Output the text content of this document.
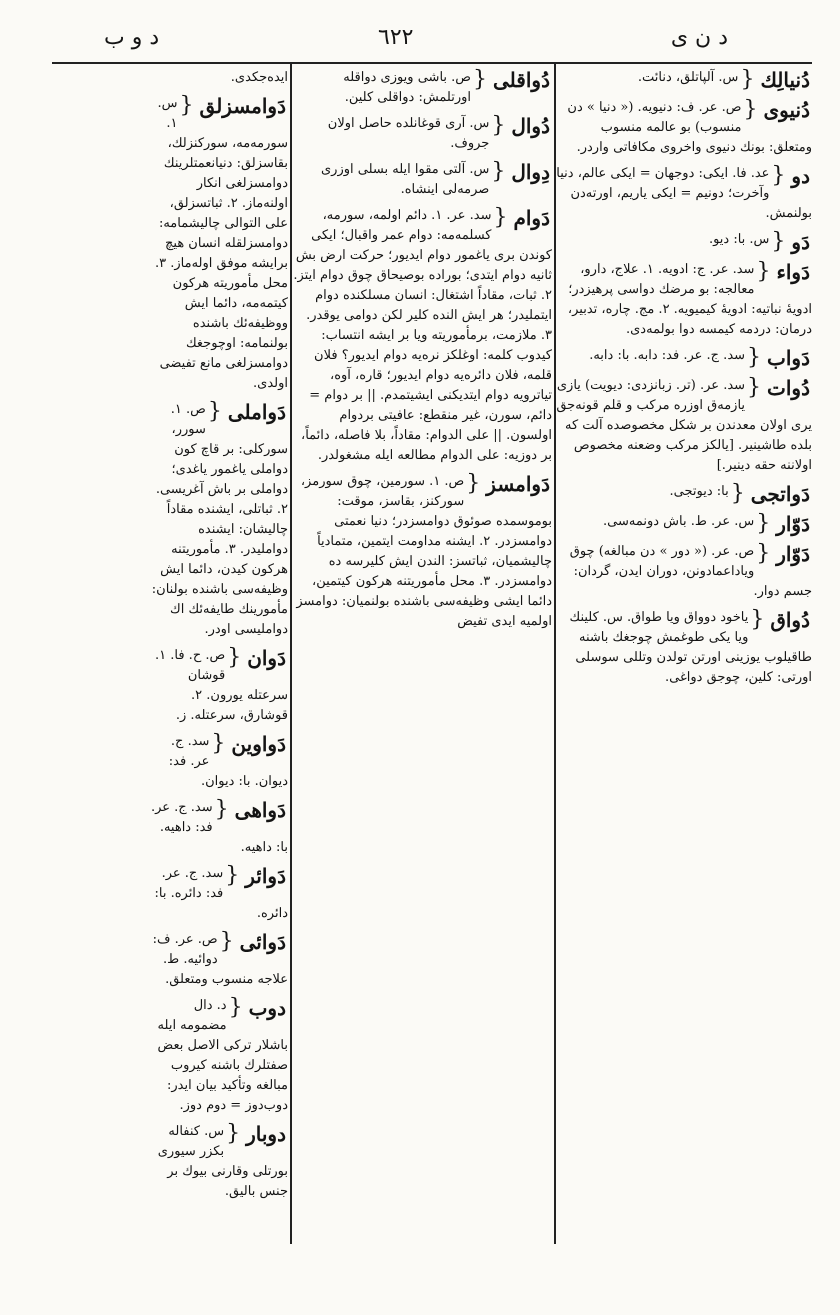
د و ب	٦٢٢	د ن ی
دُنیالِك
{
س. آلپاتلق، دنائت.
دُنیوی
{
ص. عر. ف: دنیویه. (« دنیا » دن منسوب) بو عالمه منسوب ومتعلق: بونك دنیوی واخروی مكافاتی واردر.
دو
{
عد. فا. ایكی: دوجهان = ایكی عالم، دنیا وآخرت؛ دونیم = ایكی یاریم، اورته‌دن بولنمش.
دَو
{
س. با: دیو.
دَواء
{
سد. عر. ج: ادویه. ١. علاج، دارو، معالجه: بو مرضك دواسی پرهیزدر؛ ادویهٔ نباتیه: ادویهٔ كیمیویه. ٢. مج. چاره، تدبیر، درمان: دردمه كیمسه دوا بولمه‌دی.
دَواب
{
سد. ج. عر. فد: دابه. با: دابه.
دُوات
{
سد. عر. (تر. زبانزدی: دیویت) یازی یازمه‌ق اوزره مركب و قلم قونه‌جق یری اولان معدندن بر شكل مخصوصده آلت كه بلده طاشینیر. [یالكز مركب وضعنه مخصوص اولاننه حقه دینیر.]
دَواتجی
{
با: دیوتجی.
دَوّار
{
س. عر. ط. باش دونمه‌سی.
دَوّار
{
ص. عر. (« دور » دن مبالغه) چوق ویاداعمادونن، دوران ایدن، گردان: جسم دوار.
دُواق
{
یاخود دوواق ویا طواق. س. كلینك ویا یكی طوغمش چوجغك باشنه طاقیلوب یوزینی اورتن تولدن وتللی سوسلی اورتی: كلین، چوجق دواغی.
دُواقلی
{
ص. باشی ویوزی دواقله اورتلمش: دواقلی كلین.
دُوال
{
س. آری قوغانلده حاصل اولان جروف.
دِوال
{
س. آلتی مقوا ایله بسلی اوزری صرمه‌لی اینشاه.
دَوام
{
سد. عر. ١. دائم اولمه، سورمه، كسلمه‌مه: دوام عمر واقبال؛ ایكی كوندن بری یاغمور دوام ایدیور؛ حركت ارض بش ثانیه دوام ایتدی؛ بوراده بوصیحاق چوق دوام ایتز. ٢. ثبات، مقاداً اشتغال: انسان مسلكنده دوام ایتملیدر؛ هر ایش النده كلیر لكن دوامی یوقدر. ٣. ملازمت، برمأموریته ویا بر ایشه انتساب: كیدوب كلمه: اوغلكز نره‌یه دوام ایدیور؟ فلان قلمه، فلان دائره‌یه دوام ایدیور؛ قاره، آوه، تیاترویه دوام ایتدیكنی ایشیتمدم. || بر دوام = دائم، سورن، غیر منقطع: عافیتی بردوام اولسون. || علی الدوام: مقاداً، بلا فاصله، دائماً، بر دوزیه: علی الدوام مطالعه ایله مشغولدر.
دَوامسز
{
ص. ١. سورمین، چوق سورمز، سوركنز، بقاسز، موقت: بوموسمده صوئوق دوامسزدر؛ دنیا نعمتی دوامسزدر. ٢. ایشنه مداومت ایتمین، متمادیاً چالیشمیان، ثباتسز: الندن ایش كلیرسه ده دوامسزدر. ٣. محل مأموریتنه هركون كیتمین، دائما ایشی وظیفه‌سی باشنده بولنمیان: دوامسز اولمیه ایدی تفیض
ایده‌جكدی.
دَوامسزلق
{
س. ١. سورمه‌مه، سوركنزلك، بقاسزلق: دنیانعمتلرینك دوامسزلغی انكار اولنه‌ماز. ٢. ثباتسزلق، علی التوالی چالیشمامه: دوامسزلقله انسان هیچ برایشه موفق اوله‌ماز. ٣. محل مأموریته هركون كیتمه‌مه، دائما ایش ووظیفه‌ئك باشنده بولنمامه: اوچوجغك دوامسزلغی مانع تفیضی اولدی.
دَواملی
{
ص. ١. سورر، سوركلی: بر قاچ كون دواملی یاغمور یاغدی؛ دواملی بر باش آغریسی. ٢. ثباتلی، ایشنده مقاداً چالیشان: ایشنده دواملیدر. ٣. مأموریتنه هركون كیدن، دائما ایش وظیفه‌سی باشنده بولنان: مأمورینك طایفه‌ئك اك دواملیسی اودر.
دَوان
{
ص. ح. فا. ١. قوشان سرعتله یورون. ٢. قوشارق، سرعتله. ز.
دَواوین
{
سد. ج. عر. فد: دیوان. با: دیوان.
دَواهی
{
سد. ج. عر. فد: داهیه. با: داهیه.
دَوائر
{
سد. ج. عر. فد: دائره. با: دائره.
دَوائی
{
ص. عر. ف: دوائیه. ط. علاجه منسوب ومتعلق.
دوب
{
د. دال مضمومه ایله باشلار تركی الاصل بعض صفتلرك باشنه كیروب مبالغه وتأكید بیان ایدر: دوب‌دوز = دوم دوز.
دوبار
{
س. كنفاله بكزر سیوری بورتلی وقارنی بیوك بر جنس بالیق.
